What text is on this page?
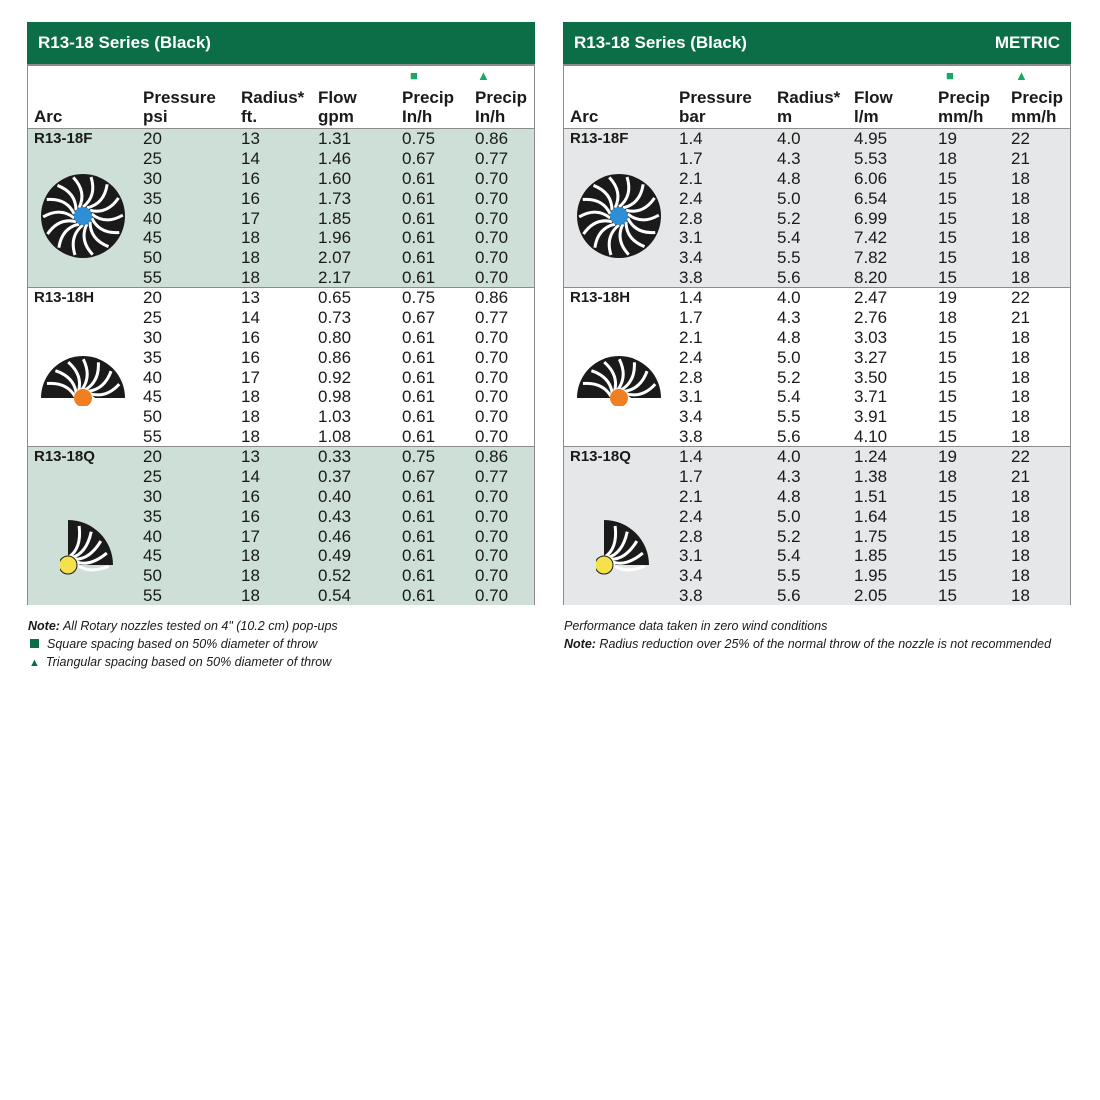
R13-18 Series (Black)
Arc
Pressure
psi
Radius*
ft.
Flow
gpm
■
Precip
In/h
▲
Precip
In/h
R13-18F	20	13	1.31	0.75 0.86
25	14	1.46	0.67 0.77
30	16	1.60	0.61 0.70
35	16	1.73	0.61 0.70
40	17	1.85	0.61 0.70
45	18	1.96	0.61 0.70
50	18	2.07	0.61 0.70
55	18	2.17	0.61 0.70
R13-18H	20	13	0.65	0.75 0.86
25	14	0.73	0.67 0.77
30	16	0.80	0.61 0.70
35	16	0.86	0.61 0.70
40	17	0.92	0.61 0.70
45	18	0.98	0.61 0.70
50	18	1.03	0.61 0.70
55	18	1.08	0.61 0.70
R13-18Q	20	13	0.33	0.75 0.86
25	14	0.37	0.67 0.77
30	16	0.40	0.61 0.70
35	16	0.43	0.61 0.70
40	17	0.46	0.61 0.70
45	18	0.49	0.61 0.70
50	18	0.52	0.61 0.70
55	18	0.54	0.61 0.70
R13-18 Series (Black)	METRIC
Arc
Pressure
bar
Radius*
m
Flow
l/m
■
Precip
mm/h
▲
Precip
mm/h
R13-18F	1.4	4.0	4.95	19	22
1.7	4.3	5.53	18	21
2.1	4.8	6.06	15	18
2.4	5.0	6.54	15	18
2.8	5.2	6.99	15	18
3.1	5.4	7.42	15	18
3.4	5.5	7.82	15	18
3.8	5.6	8.20	15	18
R13-18H	1.4	4.0	2.47	19	22
1.7	4.3	2.76	18	21
2.1	4.8	3.03	15	18
2.4	5.0	3.27	15	18
2.8	5.2	3.50	15	18
3.1	5.4	3.71	15	18
3.4	5.5	3.91	15	18
3.8	5.6	4.10	15	18
R13-18Q	1.4	4.0	1.24	19	22
1.7	4.3	1.38	18	21
2.1	4.8	1.51	15	18
2.4	5.0	1.64	15	18
2.8	5.2	1.75	15	18
3.1	5.4	1.85	15	18
3.4	5.5	1.95	15	18
3.8	5.6	2.05	15	18
Note: All Rotary nozzles tested on 4" (10.2 cm) pop-ups
Square spacing based on 50% diameter of throw
▲ Triangular spacing based on 50% diameter of throw
Performance data taken in zero wind conditions
Note: Radius reduction over 25% of the normal throw of the nozzle is not recommended
